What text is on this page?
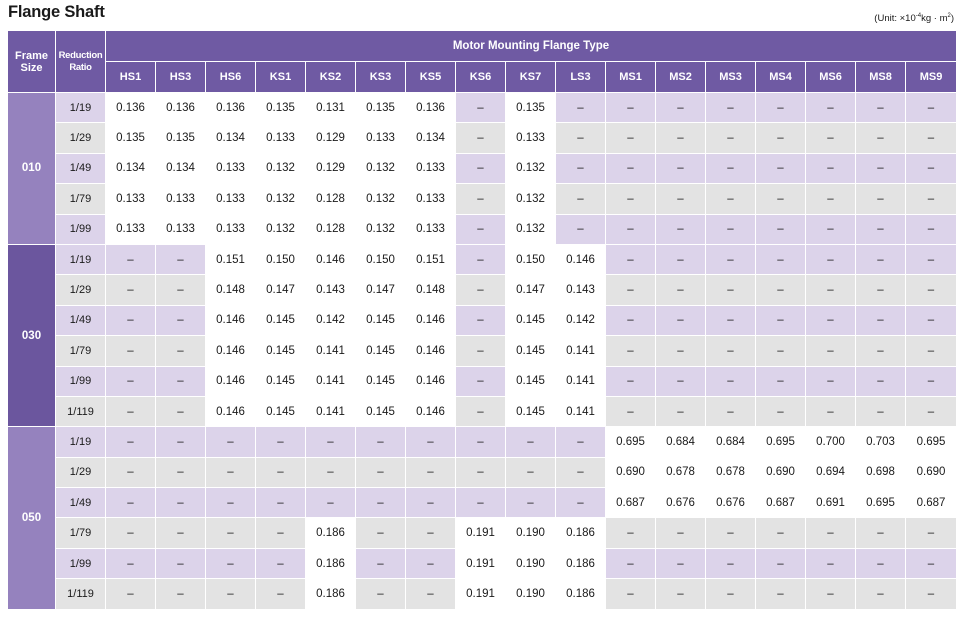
Flange Shaft	(Unit: $\times 10^{-4}kg \cdot m^2$)
Frame Size	Reduction Ratio	Motor Mounting Flange Type																
		HS1	HS3	HS6	KS1	KS2	KS3	KS5	KS6	KS7	LS3	MS1	MS2	MS3	MS4	MS6	MS8	MS9
010	1/19	0.136	0.136	0.136	0.135	0.131	0.135	0.136	–	0.135	–	–	–	–	–	–	–	–
	1/29	0.135	0.135	0.134	0.133	0.129	0.133	0.134	–	0.133	–	–	–	–	–	–	–	–
	1/49	0.134	0.134	0.133	0.132	0.129	0.132	0.133	–	0.132	–	–	–	–	–	–	–	–
	1/79	0.133	0.133	0.133	0.132	0.128	0.132	0.133	–	0.132	–	–	–	–	–	–	–	–
	1/99	0.133	0.133	0.133	0.132	0.128	0.132	0.133	–	0.132	–	–	–	–	–	–	–	–
030	1/19	–	–	0.151	0.150	0.146	0.150	0.151	–	0.150	0.146	–	–	–	–	–	–	–
	1/29	–	–	0.148	0.147	0.143	0.147	0.148	–	0.147	0.143	–	–	–	–	–	–	–
	1/49	–	–	0.146	0.145	0.142	0.145	0.146	–	0.145	0.142	–	–	–	–	–	–	–
	1/79	–	–	0.146	0.145	0.141	0.145	0.146	–	0.145	0.141	–	–	–	–	–	–	–
	1/99	–	–	0.146	0.145	0.141	0.145	0.146	–	0.145	0.141	–	–	–	–	–	–	–
	1/119	–	–	0.146	0.145	0.141	0.145	0.146	–	0.145	0.141	–	–	–	–	–	–	–
050	1/19	–	–	–	–	–	–	–	–	–	–	0.695	0.684	0.684	0.695	0.700	0.703	0.695
	1/29	–	–	–	–	–	–	–	–	–	–	0.690	0.678	0.678	0.690	0.694	0.698	0.690
	1/49	–	–	–	–	–	–	–	–	–	–	0.687	0.676	0.676	0.687	0.691	0.695	0.687
	1/79	–	–	–	–	0.186	–	–	0.191	0.190	0.186	–	–	–	–	–	–	–
	1/99	–	–	–	–	0.186	–	–	0.191	0.190	0.186	–	–	–	–	–	–	–
	1/119	–	–	–	–	0.186	–	–	0.191	0.190	0.186	–	–	–	–	–	–	–
